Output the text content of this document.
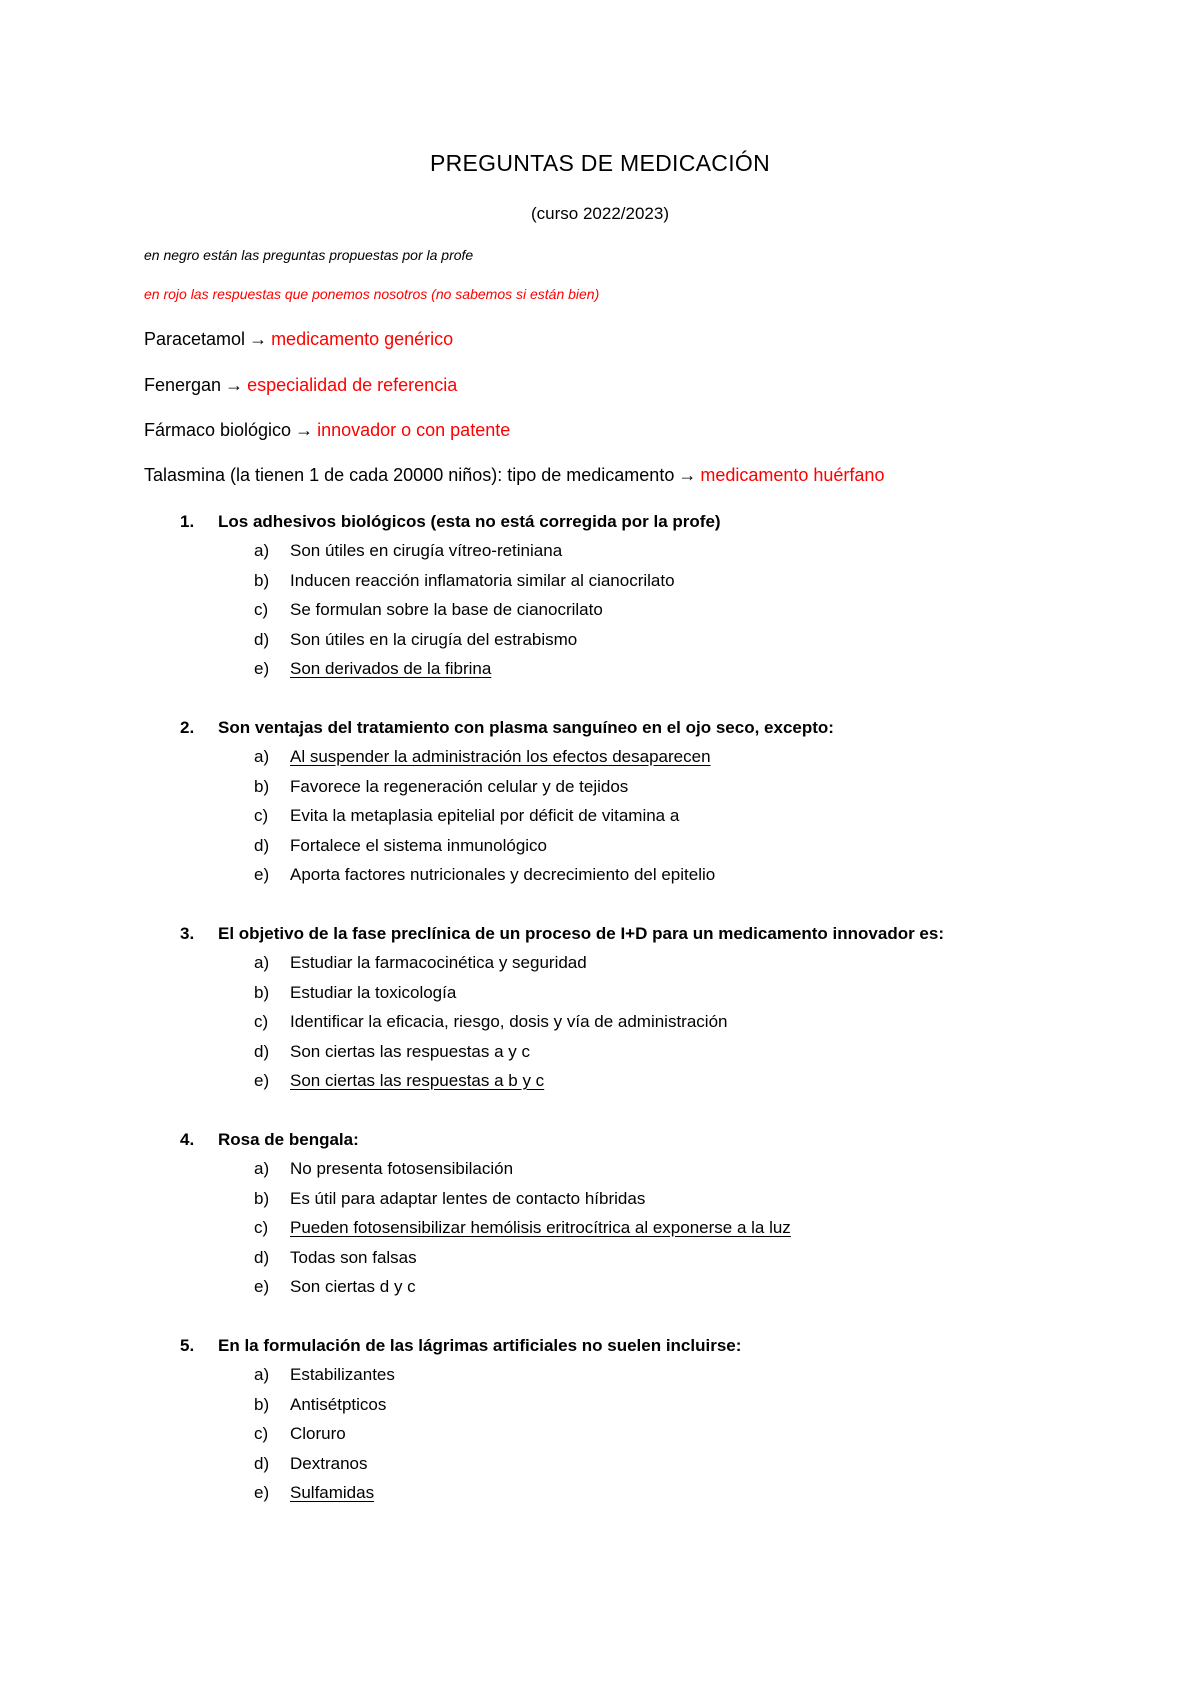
PREGUNTAS DE MEDICACIÓN
(curso 2022/2023)
en negro están las preguntas propuestas por la profe
en rojo las respuestas que ponemos nosotros (no sabemos si están bien)
Paracetamol → medicamento genérico
Fenergan → especialidad de referencia
Fármaco biológico → innovador o con patente
Talasmina (la tienen 1 de cada 20000 niños): tipo de medicamento → medicamento huérfano
1. Los adhesivos biológicos (esta no está corregida por la profe)
a) Son útiles en cirugía vítreo-retiniana
b) Inducen reacción inflamatoria similar al cianocrilato
c) Se formulan sobre la base de cianocrilato
d) Son útiles en la cirugía del estrabismo
e) Son derivados de la fibrina
2. Son ventajas del tratamiento con plasma sanguíneo en el ojo seco, excepto:
a) Al suspender la administración los efectos desaparecen
b) Favorece la regeneración celular y de tejidos
c) Evita la metaplasia epitelial por déficit de vitamina a
d) Fortalece el sistema inmunológico
e) Aporta factores nutricionales y decrecimiento del epitelio
3. El objetivo de la fase preclínica de un proceso de I+D para un medicamento innovador es:
a) Estudiar la farmacocinética y seguridad
b) Estudiar la toxicología
c) Identificar la eficacia, riesgo, dosis y vía de administración
d) Son ciertas las respuestas a y c
e) Son ciertas las respuestas a b y c
4. Rosa de bengala:
a) No presenta fotosensibilación
b) Es útil para adaptar lentes de contacto híbridas
c) Pueden fotosensibilizar hemólisis eritrocítrica al exponerse a la luz
d) Todas son falsas
e) Son ciertas d y c
5. En la formulación de las lágrimas artificiales no suelen incluirse:
a) Estabilizantes
b) Antisétpticos
c) Cloruro
d) Dextranos
e) Sulfamidas
